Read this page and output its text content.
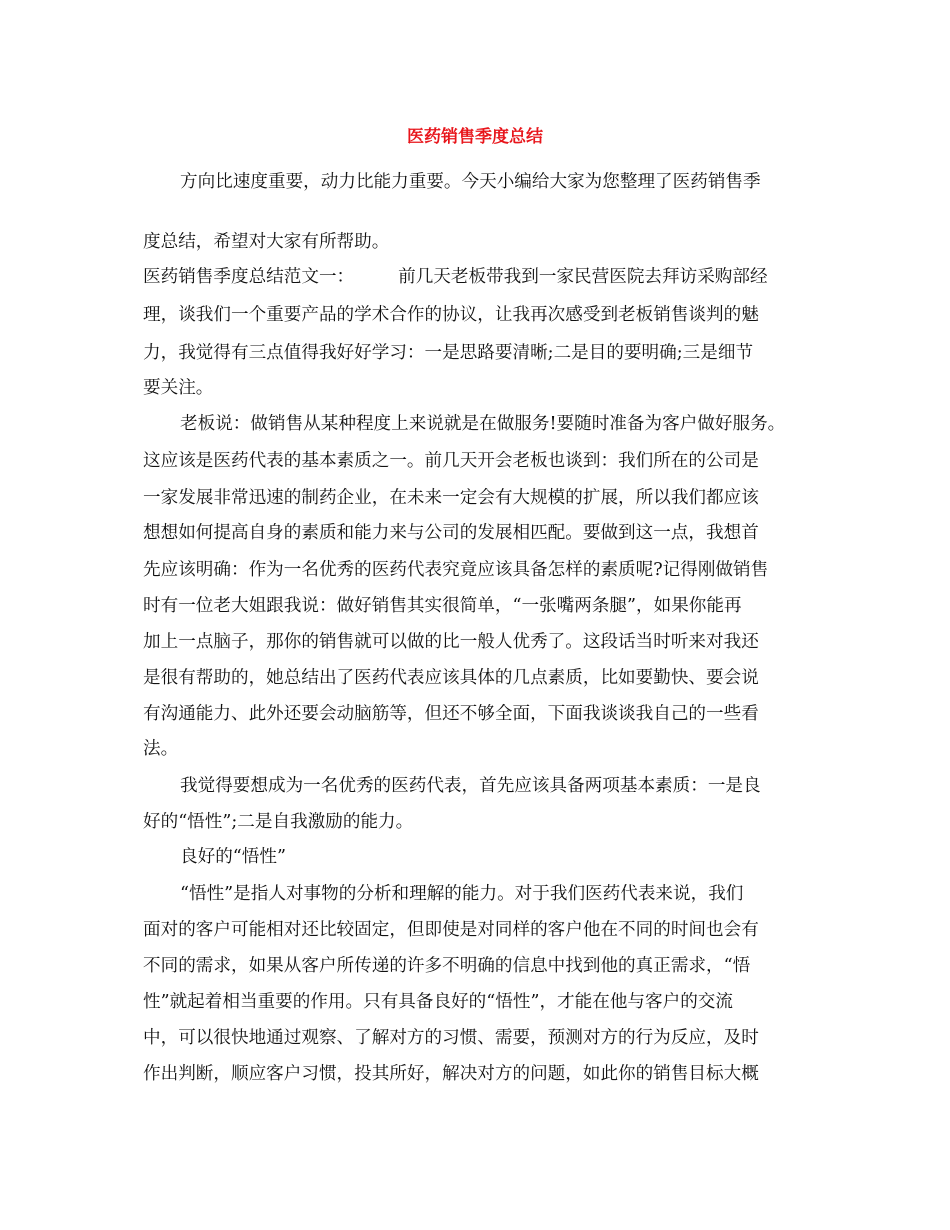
医药销售季度总结

方向比速度重要，动力比能力重要。今天小编给大家为您整理了医药销售季

度总结，希望对大家有所帮助。

医药销售季度总结范文一：　　　前几天老板带我到一家民营医院去拜访采购部经

理，谈我们一个重要产品的学术合作的协议，让我再次感受到老板销售谈判的魅

力，我觉得有三点值得我好好学习：一是思路要清晰;二是目的要明确;三是细节

要关注。

老板说：做销售从某种程度上来说就是在做服务!要随时准备为客户做好服务。

这应该是医药代表的基本素质之一。前几天开会老板也谈到：我们所在的公司是

一家发展非常迅速的制药企业，在未来一定会有大规模的扩展，所以我们都应该

想想如何提高自身的素质和能力来与公司的发展相匹配。要做到这一点，我想首

先应该明确：作为一名优秀的医药代表究竟应该具备怎样的素质呢?记得刚做销售

时有一位老大姐跟我说：做好销售其实很简单，“一张嘴两条腿”，如果你能再

加上一点脑子，那你的销售就可以做的比一般人优秀了。这段话当时听来对我还

是很有帮助的，她总结出了医药代表应该具体的几点素质，比如要勤快、要会说

有沟通能力、此外还要会动脑筋等，但还不够全面，下面我谈谈我自己的一些看

法。

我觉得要想成为一名优秀的医药代表，首先应该具备两项基本素质：一是良

好的“悟性”;二是自我激励的能力。

良好的“悟性”

“悟性”是指人对事物的分析和理解的能力。对于我们医药代表来说，我们

面对的客户可能相对还比较固定，但即使是对同样的客户他在不同的时间也会有

不同的需求，如果从客户所传递的许多不明确的信息中找到他的真正需求，“悟

性”就起着相当重要的作用。只有具备良好的“悟性”，才能在他与客户的交流

中，可以很快地通过观察、了解对方的习惯、需要，预测对方的行为反应，及时

作出判断，顺应客户习惯，投其所好，解决对方的问题，如此你的销售目标大概
